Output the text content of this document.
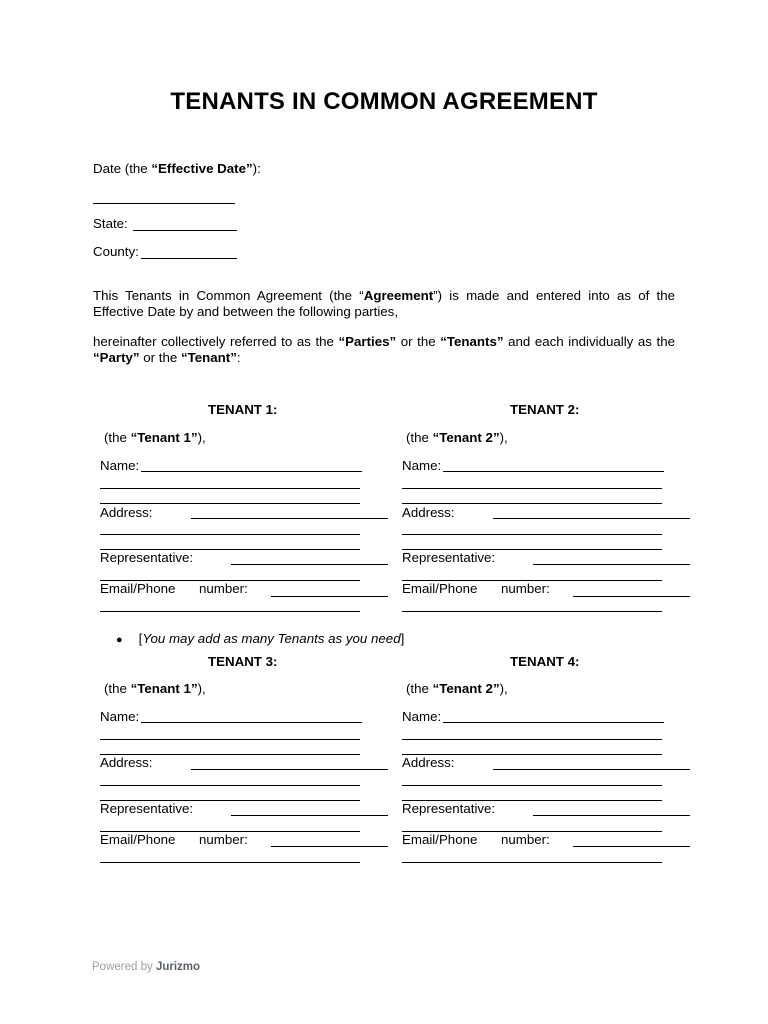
TENANTS IN COMMON AGREEMENT
Date (the “Effective Date”):
State:
County:
This Tenants in Common Agreement (the “Agreement”) is made and entered into as of the Effective Date by and between the following parties,
hereinafter collectively referred to as the “Parties” or the “Tenants” and each individually as the “Party” or the “Tenant”:
TENANT 1:
(the “Tenant 1”),
Name:
Address:
Representative:
Email/Phone number:
TENANT 2:
(the “Tenant 2”),
Name:
Address:
Representative:
Email/Phone number:
● [You may add as many Tenants as you need]
TENANT 3:
(the “Tenant 1”),
Name:
Address:
Representative:
Email/Phone number:
TENANT 4:
(the “Tenant 2”),
Name:
Address:
Representative:
Email/Phone number:
Powered by Jurizmo
